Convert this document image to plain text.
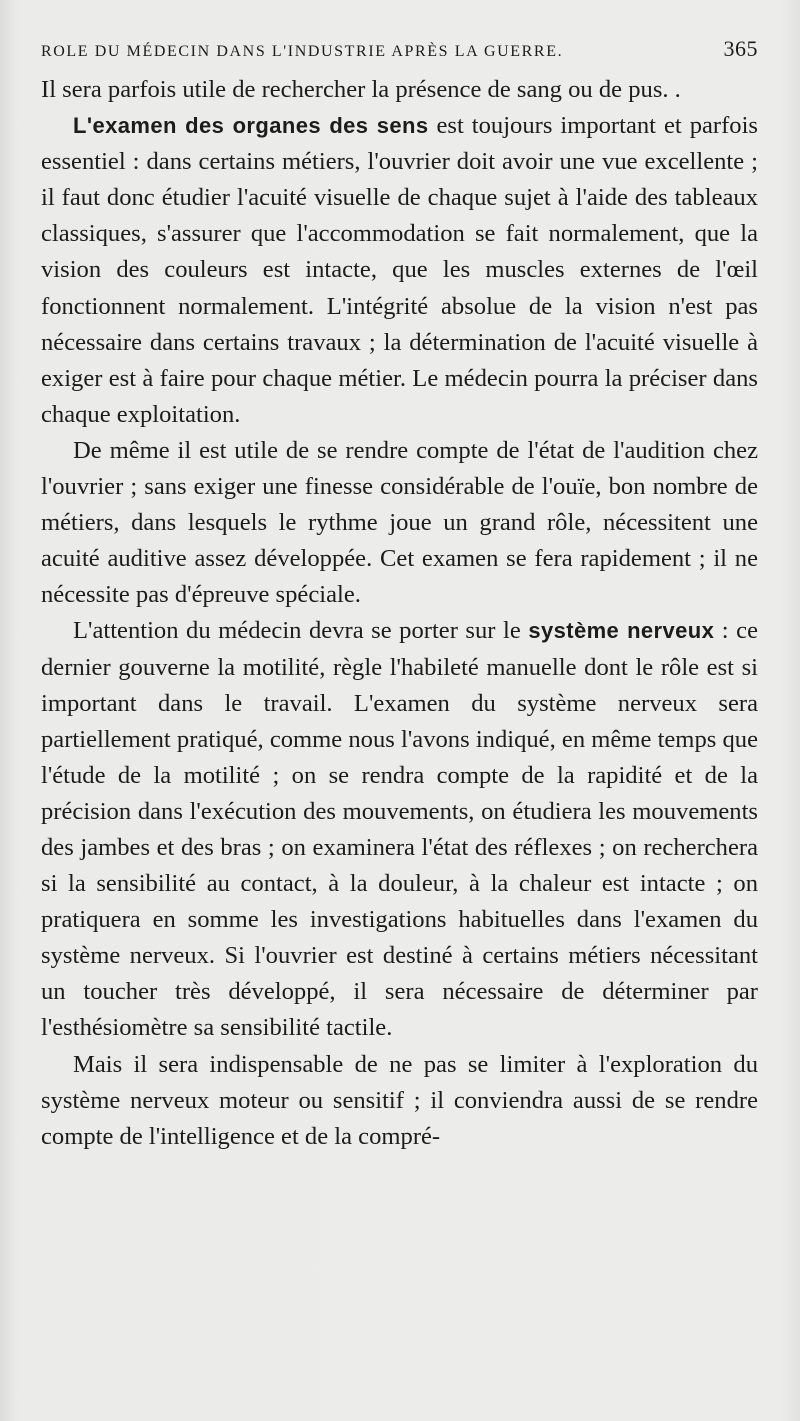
ROLE DU MÉDECIN DANS L'INDUSTRIE APRÈS LA GUERRE.	365

Il sera parfois utile de rechercher la présence de sang ou de pus. .

L'examen des organes des sens est toujours important et parfois essentiel : dans certains métiers, l'ouvrier doit avoir une vue excellente ; il faut donc étudier l'acuité visuelle de chaque sujet à l'aide des tableaux classiques, s'assurer que l'accommodation se fait normalement, que la vision des couleurs est intacte, que les muscles externes de l'œil fonctionnent normalement. L'intégrité absolue de la vision n'est pas nécessaire dans certains travaux ; la détermination de l'acuité visuelle à exiger est à faire pour chaque métier. Le médecin pourra la préciser dans chaque exploitation.

De même il est utile de se rendre compte de l'état de l'audition chez l'ouvrier ; sans exiger une finesse considérable de l'ouïe, bon nombre de métiers, dans lesquels le rythme joue un grand rôle, nécessitent une acuité auditive assez développée. Cet examen se fera rapidement ; il ne nécessite pas d'épreuve spéciale.

L'attention du médecin devra se porter sur le système nerveux : ce dernier gouverne la motilité, règle l'habileté manuelle dont le rôle est si important dans le travail. L'examen du système nerveux sera partiellement pratiqué, comme nous l'avons indiqué, en même temps que l'étude de la motilité ; on se rendra compte de la rapidité et de la précision dans l'exécution des mouvements, on étudiera les mouvements des jambes et des bras ; on examinera l'état des réflexes ; on recherchera si la sensibilité au contact, à la douleur, à la chaleur est intacte ; on pratiquera en somme les investigations habituelles dans l'examen du système nerveux. Si l'ouvrier est destiné à certains métiers nécessitant un toucher très développé, il sera nécessaire de déterminer par l'esthésiomètre sa sensibilité tactile.

Mais il sera indispensable de ne pas se limiter à l'exploration du système nerveux moteur ou sensitif ; il conviendra aussi de se rendre compte de l'intelligence et de la compré-
